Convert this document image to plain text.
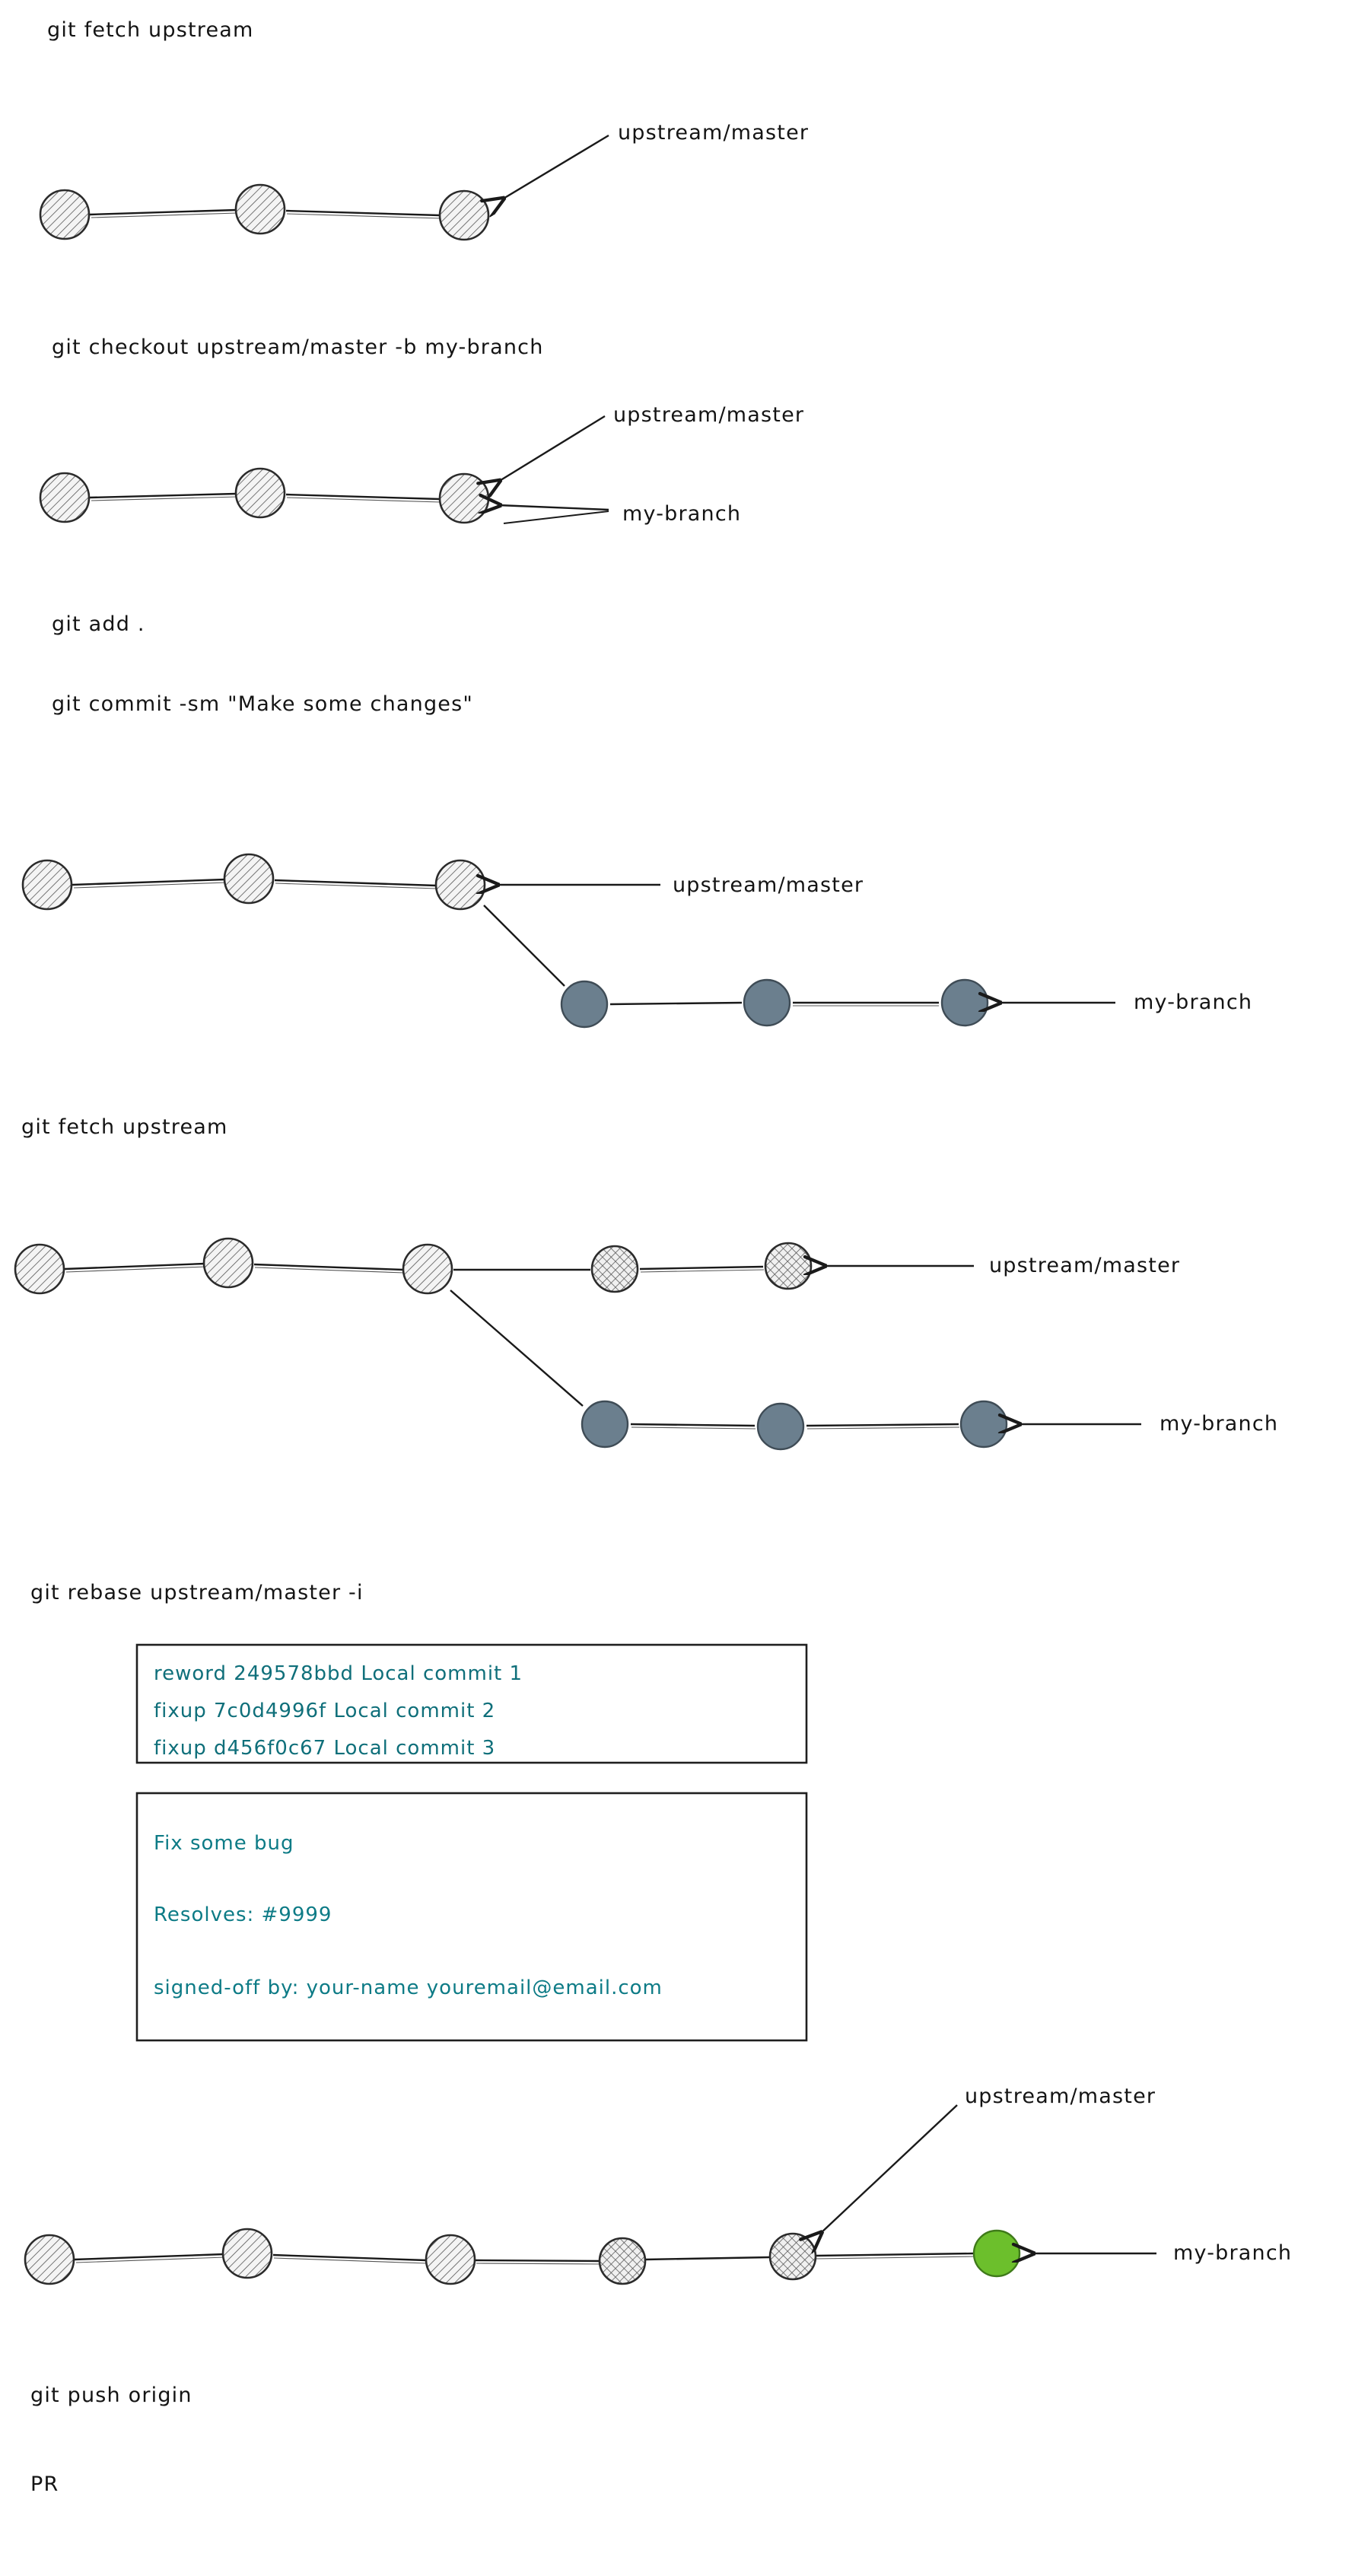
git fetch upstream
git checkout upstream/master -b my-branch
git add .
git commit -sm "Make some changes"
git fetch upstream
git rebase upstream/master -i
git push origin
PR
upstream/master
upstream/master
my-branch
upstream/master
my-branch
upstream/master
my-branch
upstream/master
my-branch
reword 249578bbd Local commit 1
fixup 7c0d4996f Local commit 2
fixup d456f0c67 Local commit 3
Fix some bug
Resolves: #9999
signed-off by: your-name youremail@email.com
